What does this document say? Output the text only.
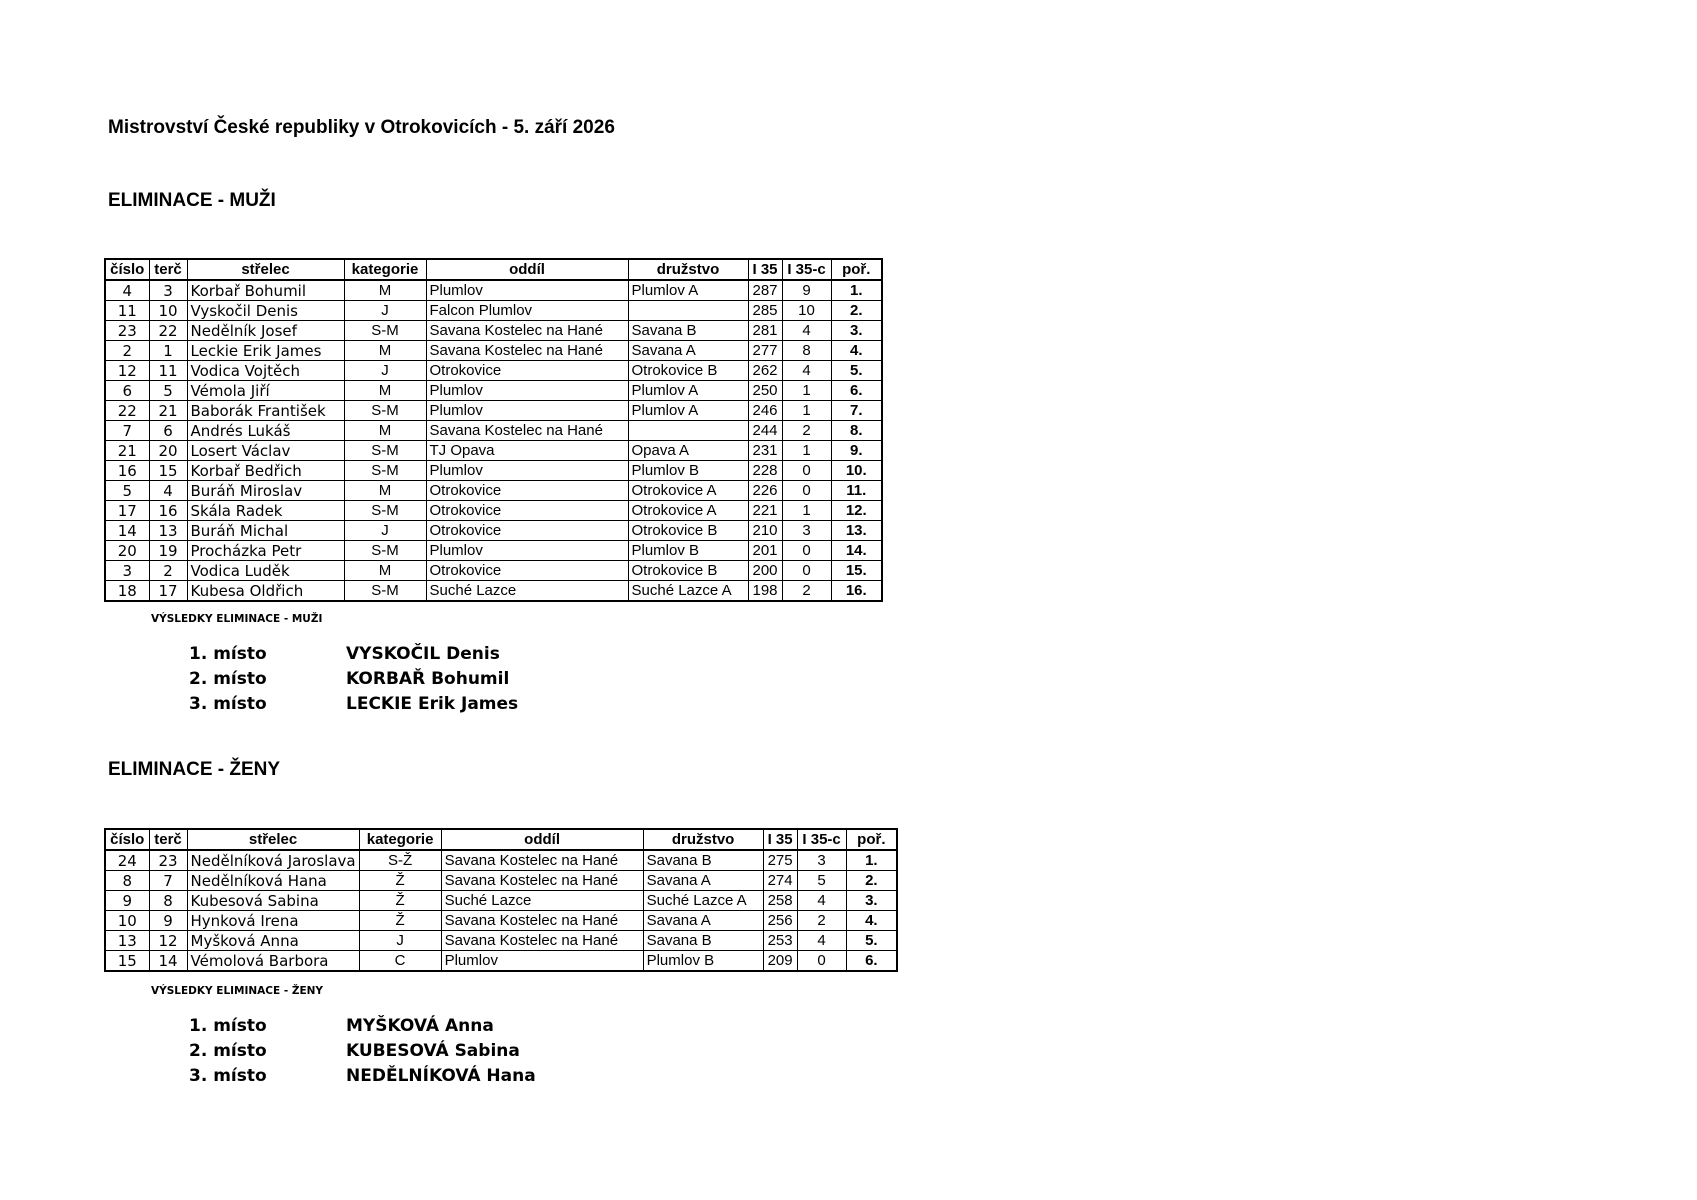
Mistrovství České republiky v Otrokovicích - 5. září 2026
ELIMINACE - MUŽI
číslo	terč	střelec	kategorie	oddíl	družstvo	I 35	I 35-c	poř.
4	3	Korbař Bohumil	M	Plumlov	Plumlov A	287	9	1.
11	10	Vyskočil Denis	J	Falcon Plumlov		285	10	2.
23	22	Nedělník Josef	S-M	Savana Kostelec na Hané	Savana B	281	4	3.
2	1	Leckie Erik James	M	Savana Kostelec na Hané	Savana A	277	8	4.
12	11	Vodica Vojtěch	J	Otrokovice	Otrokovice B	262	4	5.
6	5	Vémola Jiří	M	Plumlov	Plumlov A	250	1	6.
22	21	Baborák František	S-M	Plumlov	Plumlov A	246	1	7.
7	6	Andrés Lukáš	M	Savana Kostelec na Hané		244	2	8.
21	20	Losert Václav	S-M	TJ Opava	Opava A	231	1	9.
16	15	Korbař Bedřich	S-M	Plumlov	Plumlov B	228	0	10.
5	4	Buráň Miroslav	M	Otrokovice	Otrokovice A	226	0	11.
17	16	Skála Radek	S-M	Otrokovice	Otrokovice A	221	1	12.
14	13	Buráň Michal	J	Otrokovice	Otrokovice B	210	3	13.
20	19	Procházka Petr	S-M	Plumlov	Plumlov B	201	0	14.
3	2	Vodica Luděk	M	Otrokovice	Otrokovice B	200	0	15.
18	17	Kubesa Oldřich	S-M	Suché Lazce	Suché Lazce A	198	2	16.
VÝSLEDKY ELIMINACE - MUŽI
1. místo	VYSKOČIL Denis
2. místo	KORBAŘ Bohumil
3. místo	LECKIE Erik James
ELIMINACE - ŽENY
číslo	terč	střelec	kategorie	oddíl	družstvo	I 35	I 35-c	poř.
24	23	Nedělníková Jaroslava	S-Ž	Savana Kostelec na Hané	Savana B	275	3	1.
8	7	Nedělníková Hana	Ž	Savana Kostelec na Hané	Savana A	274	5	2.
9	8	Kubesová Sabina	Ž	Suché Lazce	Suché Lazce A	258	4	3.
10	9	Hynková Irena	Ž	Savana Kostelec na Hané	Savana A	256	2	4.
13	12	Myšková Anna	J	Savana Kostelec na Hané	Savana B	253	4	5.
15	14	Vémolová Barbora	C	Plumlov	Plumlov B	209	0	6.
VÝSLEDKY ELIMINACE - ŽENY
1. místo	MYŠKOVÁ Anna
2. místo	KUBESOVÁ Sabina
3. místo	NEDĚLNÍKOVÁ Hana
